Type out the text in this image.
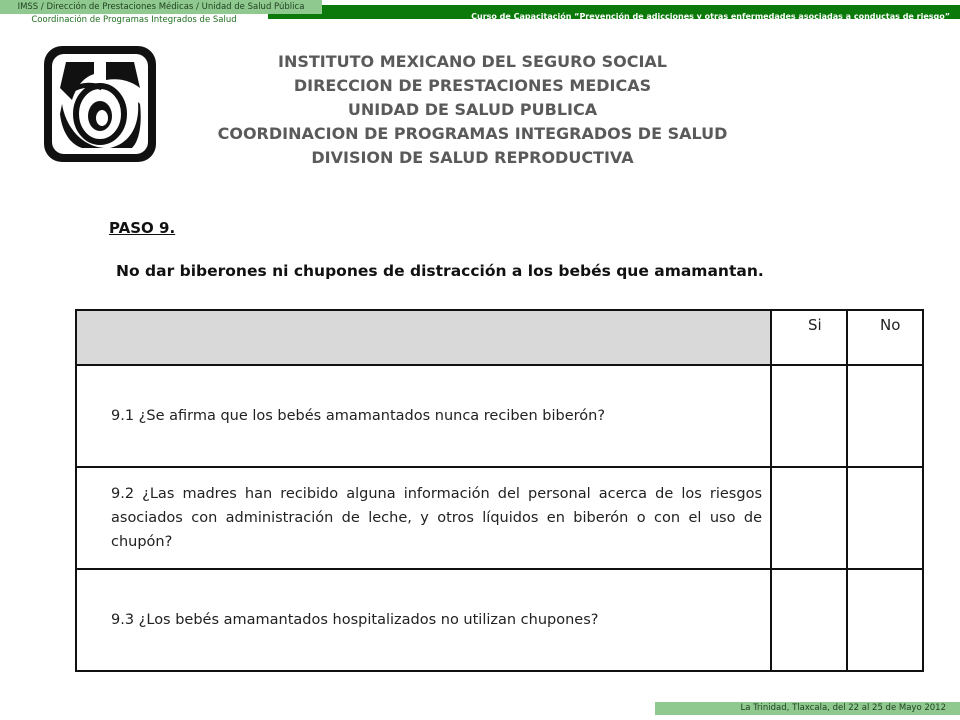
Curso de Capacitación “Prevención de adicciones y otras enfermedades asociadas a conductas de riesgo”
IMSS / Dirección de Prestaciones Médicas / Unidad de Salud Pública
Coordinación de Programas Integrados de Salud
INSTITUTO MEXICANO DEL SEGURO SOCIAL
DIRECCION DE PRESTACIONES MEDICAS
UNIDAD DE SALUD PUBLICA
COORDINACION DE PROGRAMAS INTEGRADOS DE SALUD
DIVISION DE SALUD REPRODUCTIVA
PASO 9.
No dar biberones ni chupones de distracción a los bebés que amamantan.
	Si	No
9.1 ¿Se afirma que los bebés amamantados nunca reciben biberón?		
9.2 ¿Las madres han recibido alguna información del personal acerca de los riesgos asociados con administración de leche, y otros líquidos en biberón o con el uso de chupón?		
9.3 ¿Los bebés amamantados hospitalizados no utilizan chupones?		
La Trinidad, Tlaxcala, del 22 al 25 de Mayo 2012
